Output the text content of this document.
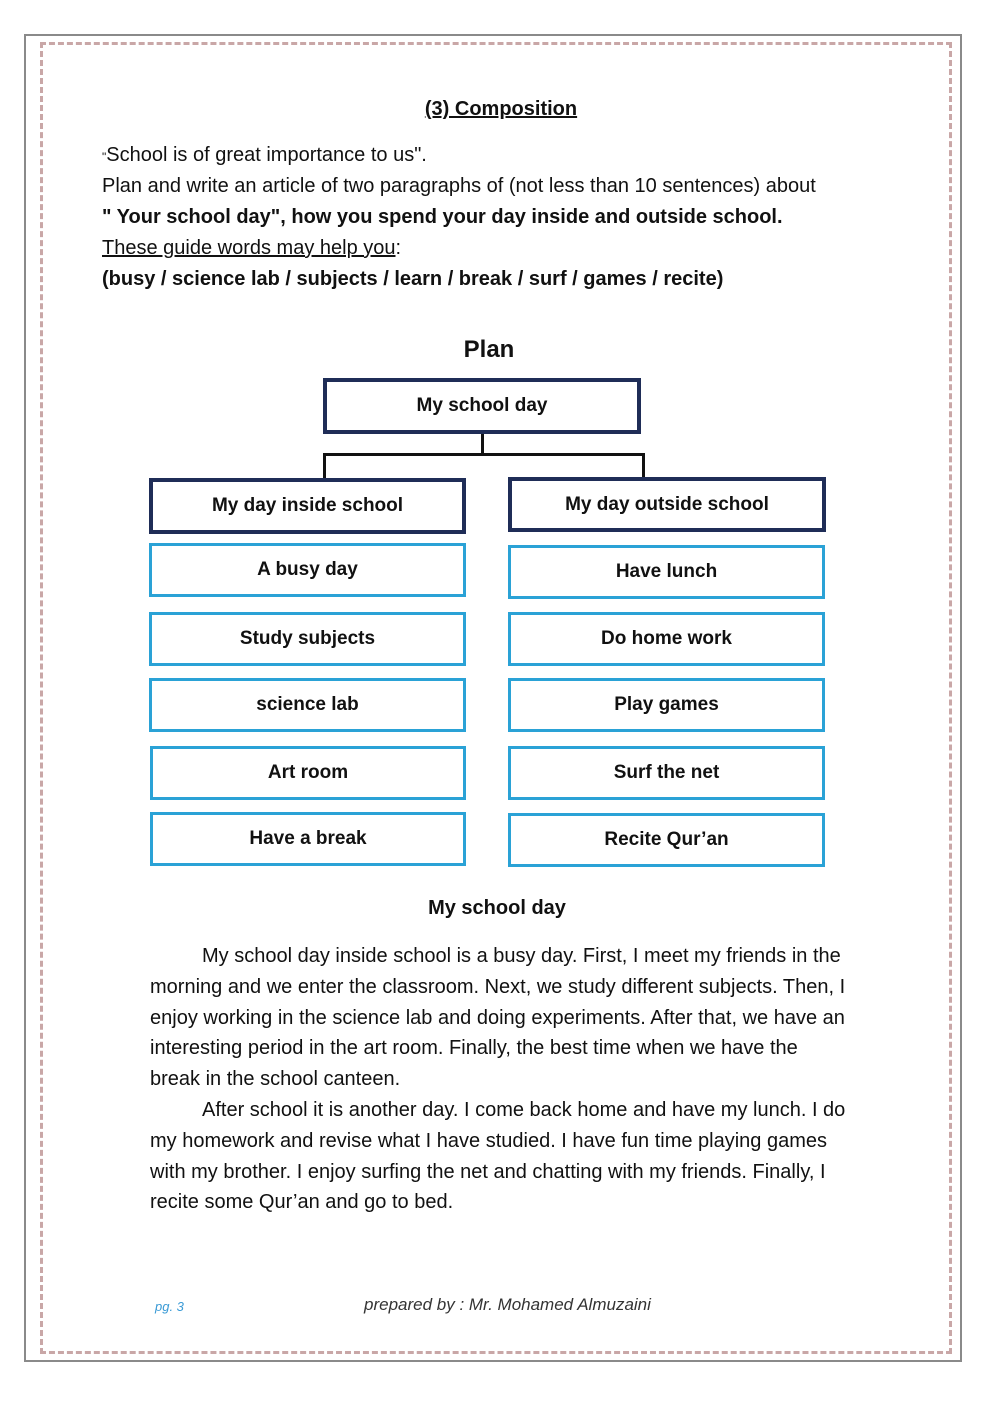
(3) Composition
"School is of great importance to us".
Plan and write an article of two paragraphs of (not less than 10 sentences) about
" Your school day", how you spend your day inside and outside school.
These guide words may help you:
(busy / science lab / subjects / learn / break / surf / games / recite)
Plan
My school day
My day inside school	My day outside school
A busy day
Study subjects
science lab
Art room
Have a break
Have lunch
Do home work
Play games
Surf the net
Recite Qur’an
My school day

My school day inside school is a busy day. First, I meet my friends in the morning and we enter the classroom. Next, we study different subjects. Then, I enjoy working in the science lab and doing experiments. After that, we have an interesting period in the art room. Finally, the best time when we have the break in the school canteen.

After school it is another day. I come back home and have my lunch. I do my homework and revise what I have studied. I have fun time playing games with my brother. I enjoy surfing the net and chatting with my friends. Finally, I recite some Qur’an and go to bed.

pg. 3	prepared by : Mr. Mohamed Almuzaini
